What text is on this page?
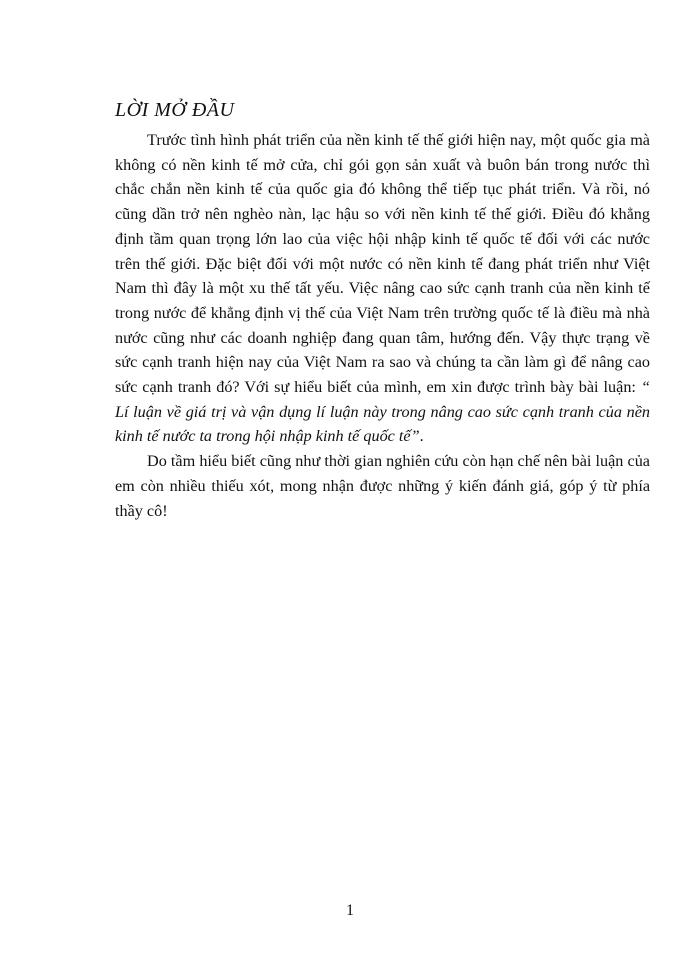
LỜI MỞ ĐẦU

Trước tình hình phát triển của nền kinh tế thế giới hiện nay, một quốc gia mà không có nền kinh tế mở cửa, chỉ gói gọn sản xuất và buôn bán trong nước thì chắc chắn nền kinh tế của quốc gia đó không thể tiếp tục phát triển. Và rồi, nó cũng dần trở nên nghèo nàn, lạc hậu so với nền kinh tế thế giới. Điều đó khẳng định tầm quan trọng lớn lao của việc hội nhập kinh tế quốc tế đối với các nước trên thế giới. Đặc biệt đối với một nước có nền kinh tế đang phát triển như Việt Nam thì đây là một xu thế tất yếu. Việc nâng cao sức cạnh tranh của nền kinh tế trong nước để khẳng định vị thế của Việt Nam trên trường quốc tế là điều mà nhà nước cũng như các doanh nghiệp đang quan tâm, hướng đến. Vậy thực trạng về sức cạnh tranh hiện nay của Việt Nam ra sao và chúng ta cần làm gì để nâng cao sức cạnh tranh đó? Với sự hiểu biết của mình, em xin được trình bày bài luận: “ Lí luận về giá trị và vận dụng lí luận này trong nâng cao sức cạnh tranh của nền kinh tế nước ta trong hội nhập kinh tế quốc tế”.

Do tầm hiểu biết cũng như thời gian nghiên cứu còn hạn chế nên bài luận của em còn nhiều thiếu xót, mong nhận được những ý kiến đánh giá, góp ý từ phía thầy cô!

1
